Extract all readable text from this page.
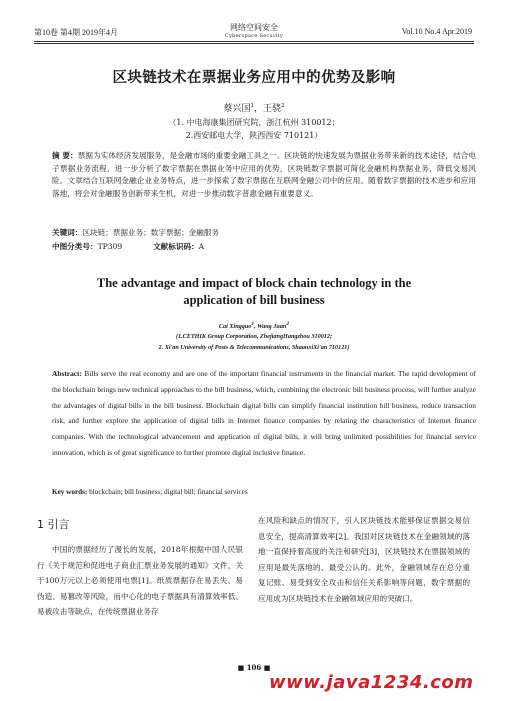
第10卷 第4期 2019年4月
网络空间安全
Cyberspace Security	Vol.10 No.4 Apr.2019
区块链技术在票据业务应用中的优势及影响
蔡兴国$^1$，王骁$^2$
（1. 中电海康集团研究院，浙江杭州 310012；
2.西安邮电大学，陕西西安 710121）
摘 要：票据为实体经济发展服务，是金融市场的重要金融工具之一。区块链的快速发展为票据业务带来新的技术途径，结合电子票据业务流程，进一步分析了数字票据在票据业务中应用的优势，区块链数字票据可简化金融机构票据业务，降低交易风险。文章结合互联网金融企业业务特点，进一步探索了数字票据在互联网金融公司中的应用。随着数字票据的技术进步和应用落地，将会对金融服务创新带来生机，对进一步推动数字普惠金融有重要意义。
关键词：区块链；票据业务；数字票据；金融服务
中图分类号：TP309	文献标识码：A
The advantage and impact of block chain technology in the
application of bill business
Cai Xingguo1, Wang Juan2
(1.CETHIK Group Corporation, ZhejiangHangzhou 310012;
2. Xi'an University of Posts & Telecommunications, ShaanxiXi'an 710121)
Abstract: Bills serve the real economy and are one of the important financial instruments in the financial market. The rapid development of the blockchain brings new technical approaches to the bill business, which, combining the electronic bill business process, will further analyze the advantages of digital bills in the bill business. Blockchain digital bills can simplify financial institution bill business, reduce transaction risk, and further explore the application of digital bills in Internet finance companies by relating the characteristics of Internet finance companies. With the technological advancement and application of digital bills, it will bring unlimited possibilities for financial service innovation, which is of great significance to further promote digital inclusive finance.
Key words: blockchain; bill business; digital bill; financial services
1 引言
中国的票据经历了漫长的发展，2018年根据中国人民银行《关于规范和促进电子商业汇票业务发展的通知》文件，关于100万元以上必须使用电票[1]。纸质票据存在易丢失、易伪造、易篡改等风险，而中心化的电子票据具有清算效率低、易被攻击等缺点，在传统票据业务存
在风险和缺点的情况下，引入区块链技术能够保证票据交易信息安全，提高清算效率[2]。我国对区块链技术在金融领域的落地一直保持着高度的关注和研究[3]，区块链技术在票据领域的应用是最先落地的、最受公认的。此外，金融领域存在总分重复记账、易受到安全攻击和信任关系影响等问题，数字票据的应用成为区块链技术在金融领域应用的突破口。
■ 106 ■
www.java1234.com
